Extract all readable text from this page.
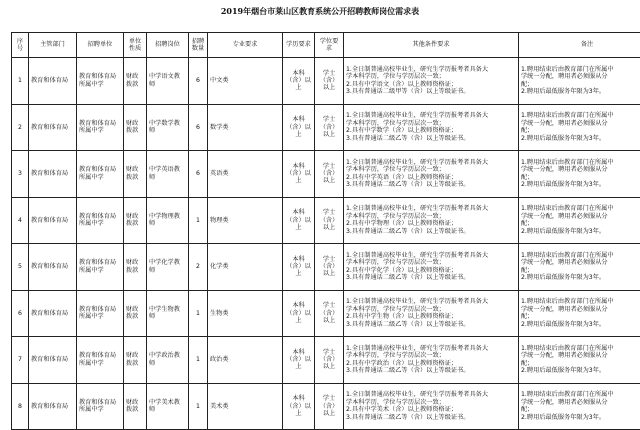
2019年烟台市莱山区教育系统公开招聘教师岗位需求表
序号	主管部门	招聘单位	单位性质	招聘岗位	招聘数量	专业要求	学历要求	学位要求	其他条件要求	备注
1	教育和体育局	教育和体育局所属中学	财政拨款	中学语文教师	6	中文类	本科（含）以上	学士（含）以上	1.全日制普通高校毕业生，研究生学历报考者具备大
学本科学历，学位与学历层次一致；
2.具有中学语文（含）以上教师资格证；
3.具有普通话二级甲等（含）以上等级证书。	1.聘用结束后由教育部门在所属中
学统一分配，聘用者必须服从分
配；
2.聘用后最低服务年限为3年。

2	教育和体育局	教育和体育局所属中学	财政拨款	中学数学教师	6	数学类	本科（含）以上	学士（含）以上	1.全日制普通高校毕业生，研究生学历报考者具备大
学本科学历，学位与学历层次一致；
2.具有中学数学（含）以上教师资格证；
3.具有普通话二级乙等（含）以上等级证书。	1.聘用结束后由教育部门在所属中
学统一分配，聘用者必须服从分
配；
2.聘用后最低服务年限为3年。

3	教育和体育局	教育和体育局所属中学	财政拨款	中学英语教师	6	英语类	本科（含）以上	学士（含）以上	1.全日制普通高校毕业生，研究生学历报考者具备大
学本科学历，学位与学历层次一致；
2.具有中学英语（含）以上教师资格证；
3.具有普通话二级乙等（含）以上等级证书。	1.聘用结束后由教育部门在所属中
学统一分配，聘用者必须服从分
配；
2.聘用后最低服务年限为3年。

4	教育和体育局	教育和体育局所属中学	财政拨款	中学物理教师	1	物理类	本科（含）以上	学士（含）以上	1.全日制普通高校毕业生，研究生学历报考者具备大
学本科学历，学位与学历层次一致；
2.具有中学物理（含）以上教师资格证；
3.具有普通话二级乙等（含）以上等级证书。	1.聘用结束后由教育部门在所属中
学统一分配，聘用者必须服从分
配；
2.聘用后最低服务年限为3年。

5	教育和体育局	教育和体育局所属中学	财政拨款	中学化学教师	2	化学类	本科（含）以上	学士（含）以上	1.全日制普通高校毕业生，研究生学历报考者具备大
学本科学历，学位与学历层次一致；
2.具有中学化学（含）以上教师资格证；
3.具有普通话二级乙等（含）以上等级证书。	1.聘用结束后由教育部门在所属中
学统一分配，聘用者必须服从分
配；
2.聘用后最低服务年限为3年。

6	教育和体育局	教育和体育局所属中学	财政拨款	中学生物教师	1	生物类	本科（含）以上	学士（含）以上	1.全日制普通高校毕业生，研究生学历报考者具备大
学本科学历，学位与学历层次一致；
2.具有中学生物（含）以上教师资格证；
3.具有普通话二级乙等（含）以上等级证书。	1.聘用结束后由教育部门在所属中
学统一分配，聘用者必须服从分
配；
2.聘用后最低服务年限为3年。

7	教育和体育局	教育和体育局所属中学	财政拨款	中学政治教师	1	政治类	本科（含）以上	学士（含）以上	1.全日制普通高校毕业生，研究生学历报考者具备大
学本科学历，学位与学历层次一致；
2.具有中学政治（含）以上教师资格证；
3.具有普通话二级乙等（含）以上等级证书。	1.聘用结束后由教育部门在所属中
学统一分配，聘用者必须服从分
配；
2.聘用后最低服务年限为3年。

8	教育和体育局	教育和体育局所属中学	财政拨款	中学美术教师	1	美术类	本科（含）以上	学士（含）以上	1.全日制普通高校毕业生，研究生学历报考者具备大
学本科学历，学位与学历层次一致；
2.具有中学美术（含）以上教师资格证；
3.具有普通话二级乙等（含）以上等级证书。	1.聘用结束后由教育部门在所属中
学统一分配，聘用者必须服从分
配；
2.聘用后最低服务年限为3年。
